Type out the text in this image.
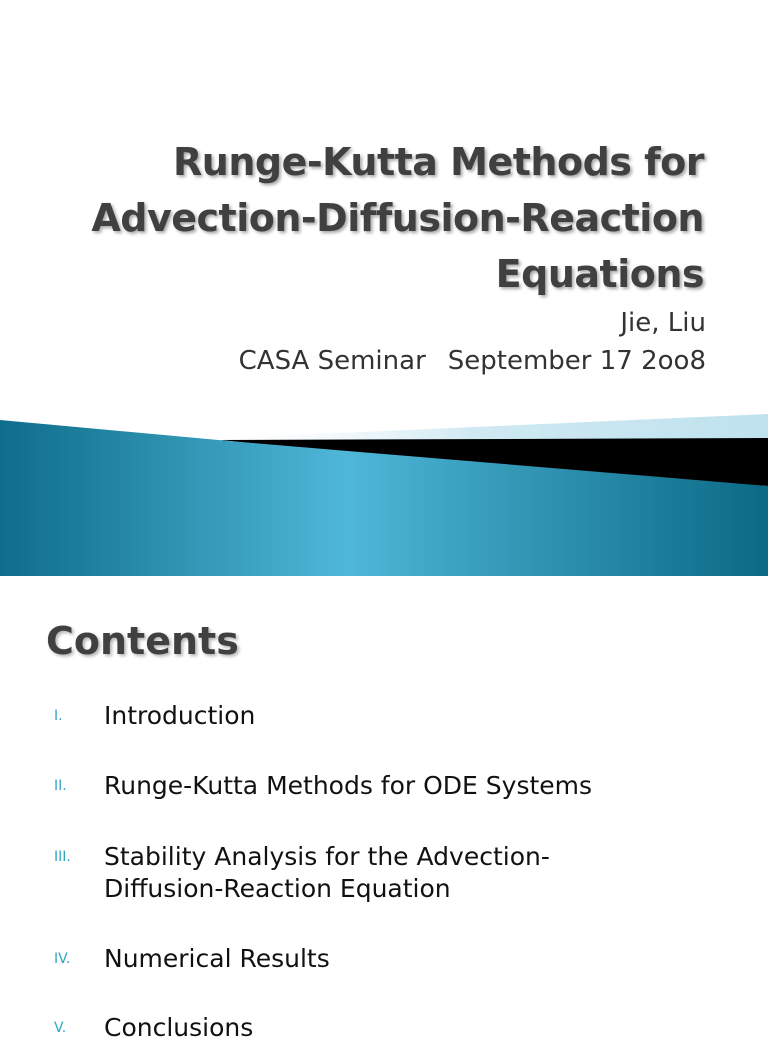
Runge-Kutta Methods for
Advection-Diffusion-Reaction
Equations
Jie, Liu
CASA Seminar September 17 2oo8
Contents
I. Introduction
II. Runge-Kutta Methods for ODE Systems
III. Stability Analysis for the Advection-Diffusion-Reaction Equation
IV. Numerical Results
V. Conclusions
